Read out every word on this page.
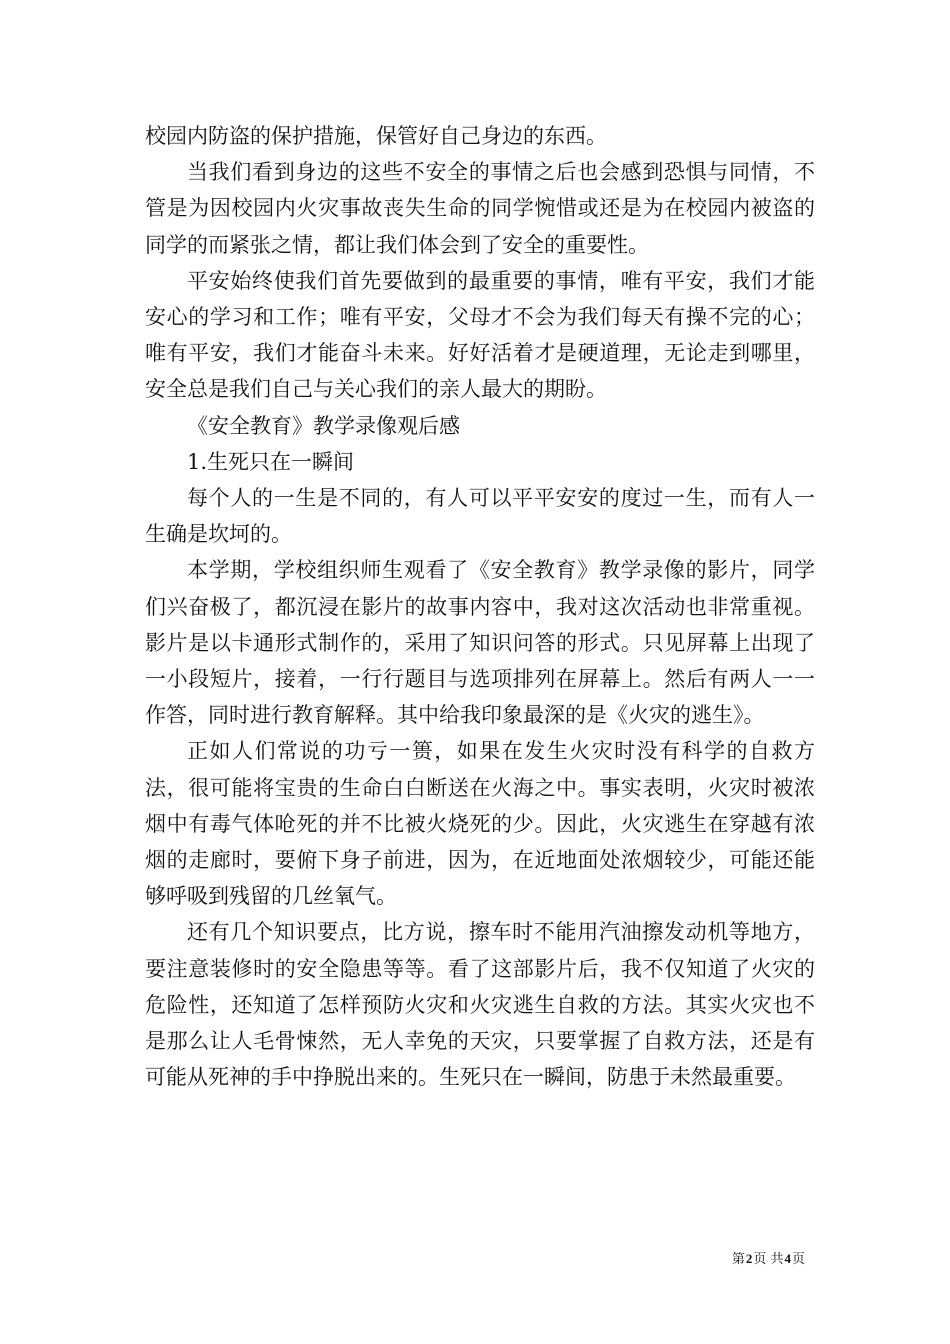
校园内防盗的保护措施，保管好自己身边的东西。

当我们看到身边的这些不安全的事情之后也会感到恐惧与同情，不管是为因校园内火灾事故丧失生命的同学惋惜或还是为在校园内被盗的同学的而紧张之情，都让我们体会到了安全的重要性。

平安始终使我们首先要做到的最重要的事情，唯有平安，我们才能安心的学习和工作；唯有平安，父母才不会为我们每天有操不完的心；唯有平安，我们才能奋斗未来。好好活着才是硬道理，无论走到哪里，安全总是我们自己与关心我们的亲人最大的期盼。

《安全教育》教学录像观后感

1.生死只在一瞬间

每个人的一生是不同的，有人可以平平安安的度过一生，而有人一生确是坎坷的。

本学期，学校组织师生观看了《安全教育》教学录像的影片，同学们兴奋极了，都沉浸在影片的故事内容中，我对这次活动也非常重视。影片是以卡通形式制作的，采用了知识问答的形式。只见屏幕上出现了一小段短片，接着，一行行题目与选项排列在屏幕上。然后有两人一一作答，同时进行教育解释。其中给我印象最深的是《火灾的逃生》。

正如人们常说的功亏一篑，如果在发生火灾时没有科学的自救方法，很可能将宝贵的生命白白断送在火海之中。事实表明，火灾时被浓烟中有毒气体呛死的并不比被火烧死的少。因此，火灾逃生在穿越有浓烟的走廊时，要俯下身子前进，因为，在近地面处浓烟较少，可能还能够呼吸到残留的几丝氧气。

还有几个知识要点，比方说，擦车时不能用汽油擦发动机等地方，要注意装修时的安全隐患等等。看了这部影片后，我不仅知道了火灾的危险性，还知道了怎样预防火灾和火灾逃生自救的方法。其实火灾也不是那么让人毛骨悚然，无人幸免的天灾，只要掌握了自救方法，还是有可能从死神的手中挣脱出来的。生死只在一瞬间，防患于未然最重要。

第2页 共4页
